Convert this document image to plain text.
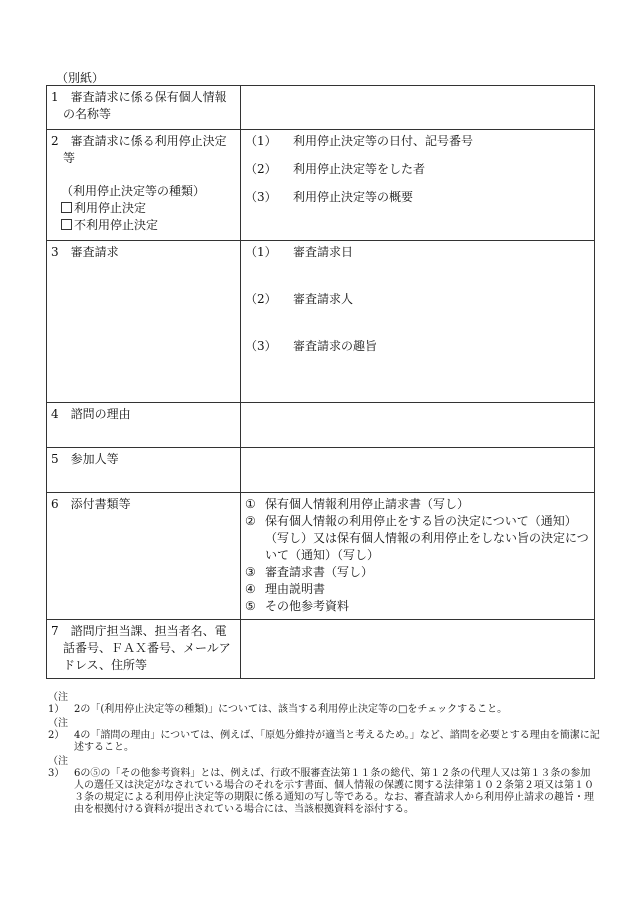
（別紙）
1　審査請求に係る保有個人情報の名称等	

2　審査請求に係る利用停止決定等
（利用停止決定等の種類）
利用停止決定
不利用停止決定	（1） 利用停止決定等の日付、記号番号
（2） 利用停止決定等をした者
（3） 利用停止決定等の概要

3　審査請求	（1） 審査請求日
（2） 審査請求人
（3） 審査請求の趣旨

4　諮問の理由	

5　参加人等	

6　添付書類等	① 保有個人情報利用停止請求書（写し）
② 保有個人情報の利用停止をする旨の決定について（通知）（写し）又は保有個人情報の利用停止をしない旨の決定について（通知）（写し）
③ 審査請求書（写し）
④ 理由説明書
⑤ その他参考資料

7　諮問庁担当課、担当者名、電話番号、ＦＡＸ番号、メールアドレス、住所等	

（注1） 2の「(利用停止決定等の種類)」については、該当する利用停止決定等の□をチェックすること。
（注2） 4の「諮問の理由」については、例えば、「原処分維持が適当と考えるため。」など、諮問を必要とする理由を簡潔に記述すること。
（注3） 6の⑤の「その他参考資料」とは、例えば、行政不服審査法第１１条の総代、第１２条の代理人又は第１３条の参加人の選任又は決定がなされている場合のそれを示す書面、個人情報の保護に関する法律第１０２条第２項又は第１０３条の規定による利用停止決定等の期限に係る通知の写し等である。なお、審査請求人から利用停止請求の趣旨・理由を根拠付ける資料が提出されている場合には、当該根拠資料を添付する。
